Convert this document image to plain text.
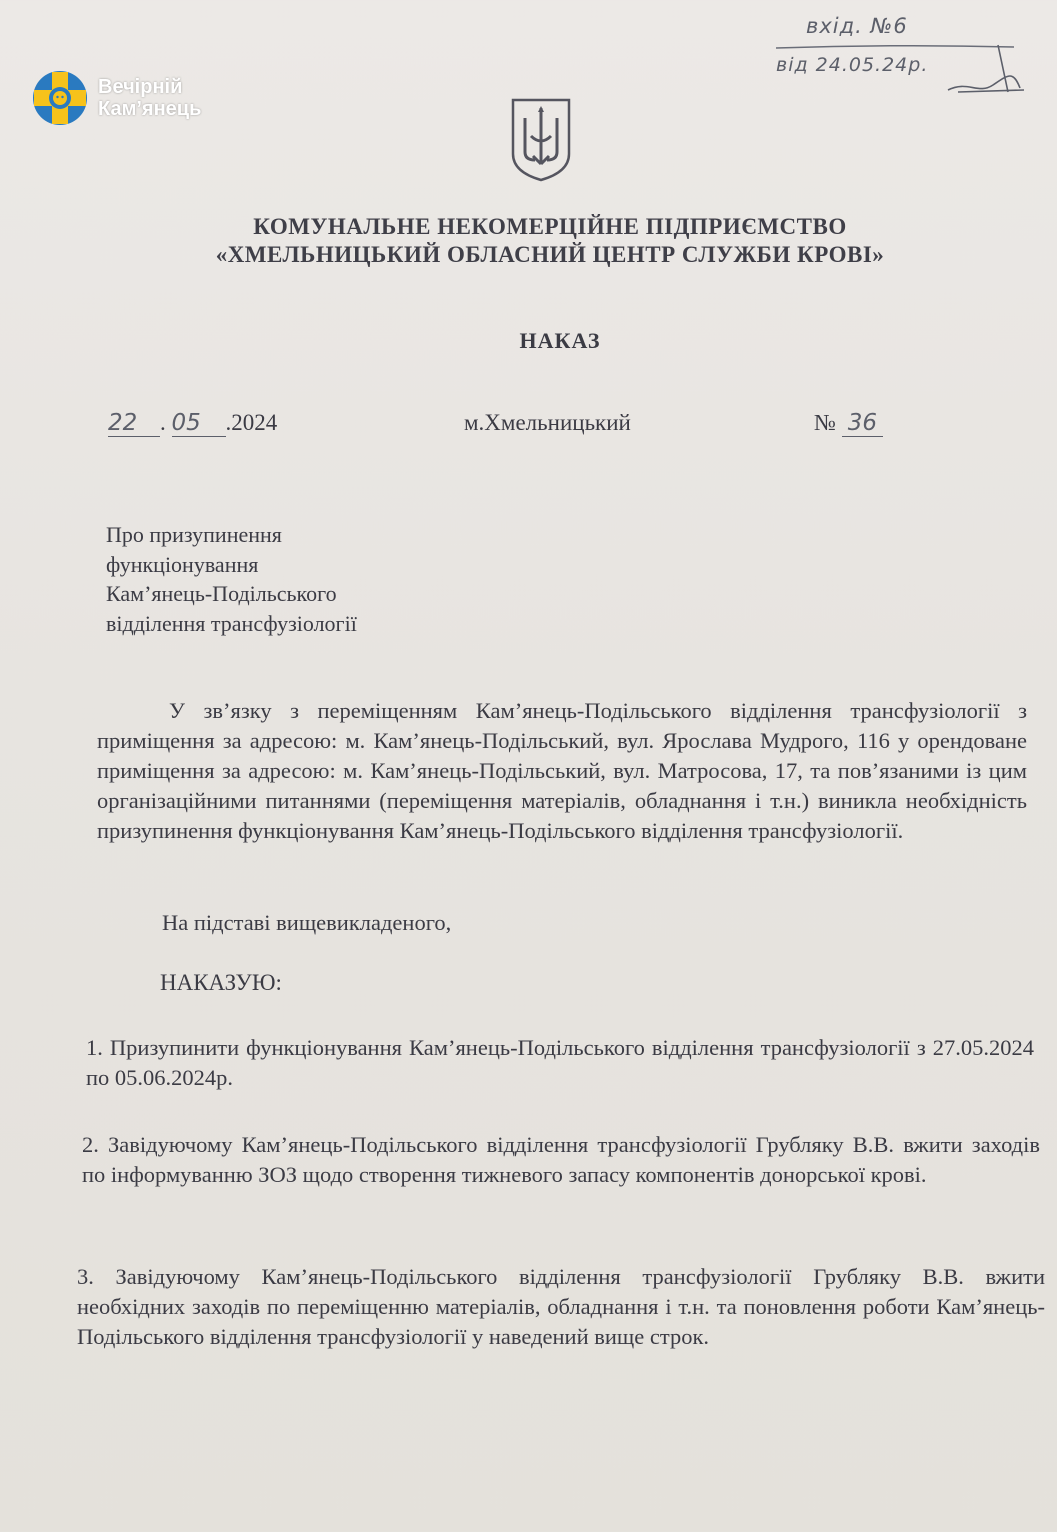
Вечірній
Кам’янець
вхід. №6
від 24.05.24р.
КОМУНАЛЬНЕ НЕКОМЕРЦІЙНЕ ПІДПРИЄМСТВО
«ХМЕЛЬНИЦЬКИЙ ОБЛАСНИЙ ЦЕНТР СЛУЖБИ КРОВІ»
НАКАЗ
22 . 05 .2024	м.Хмельницький	№ 36
Про призупинення
функціонування
Кам’янець-Подільського
відділення трансфузіології
У зв’язку з переміщенням Кам’янець-Подільського відділення трансфузіології з приміщення за адресою: м. Кам’янець-Подільський, вул. Ярослава Мудрого, 116 у орендоване приміщення за адресою: м. Кам’янець-Подільський, вул. Матросова, 17, та пов’язаними із цим організаційними питаннями (переміщення матеріалів, обладнання і т.н.) виникла необхідність призупинення функціонування Кам’янець-Подільського відділення трансфузіології.
На підставі вищевикладеного,
НАКАЗУЮ:
1. Призупинити функціонування Кам’янець-Подільського відділення трансфузіології з 27.05.2024 по 05.06.2024р.
2. Завідуючому Кам’янець-Подільського відділення трансфузіології Грубляку В.В. вжити заходів по інформуванню ЗОЗ щодо створення тижневого запасу компонентів донорської крові.
3. Завідуючому Кам’янець-Подільського відділення трансфузіології Грубляку В.В. вжити необхідних заходів по переміщенню матеріалів, обладнання і т.н. та поновлення роботи Кам’янець-Подільського відділення трансфузіології у наведений вище строк.
